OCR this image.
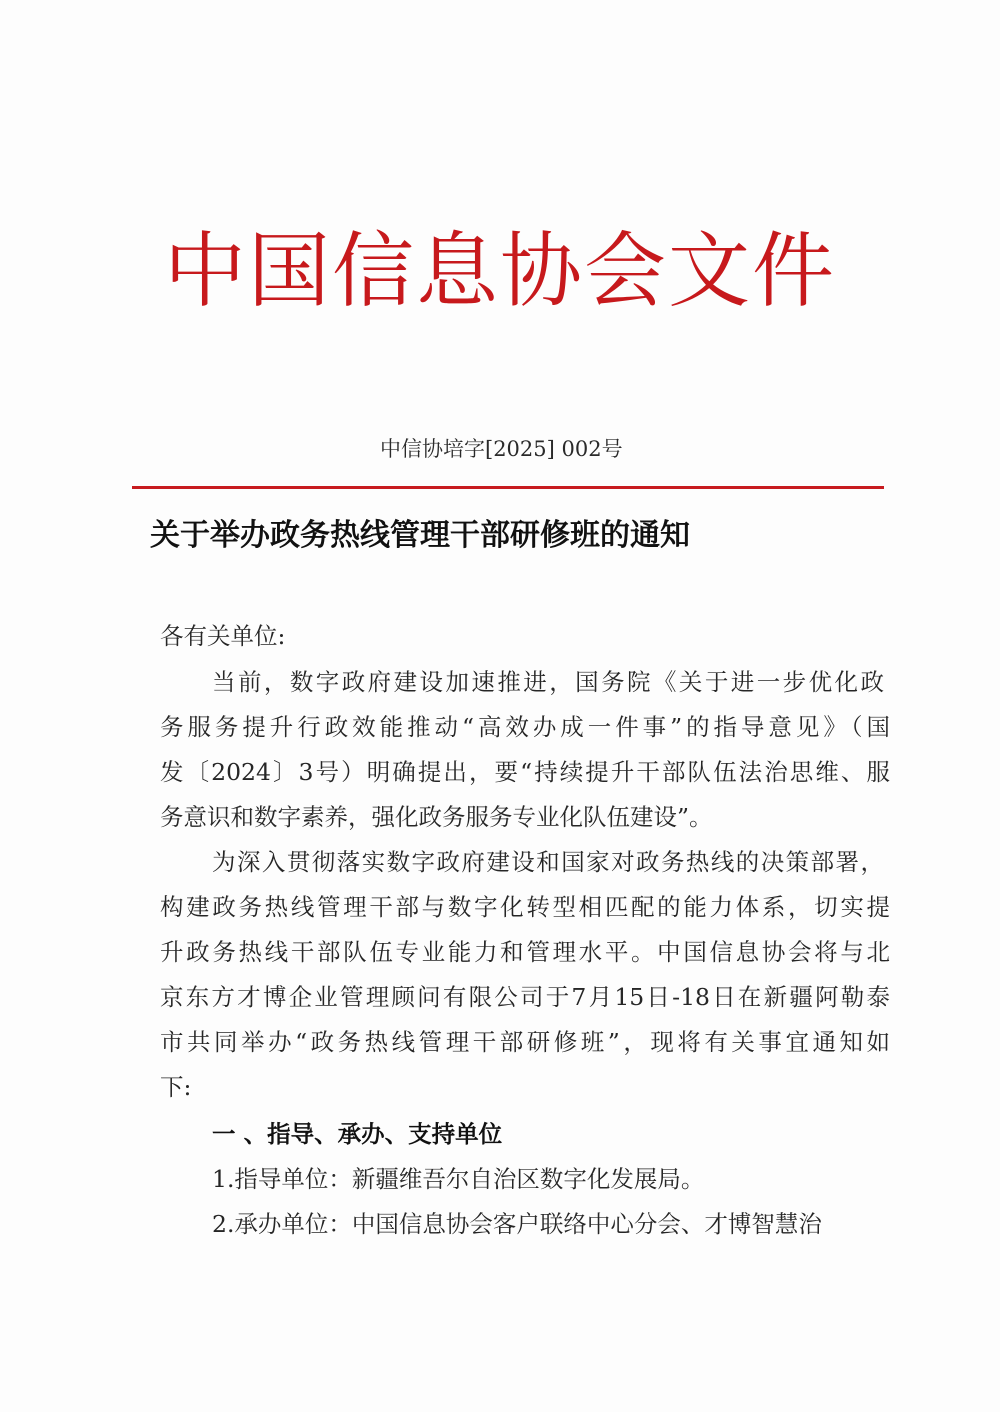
中国信息协会文件
中信协培字[2025] 002号
关于举办政务热线管理干部研修班的通知
各有关单位:
当前，数字政府建设加速推进，国务院《关于进一步优化政
务服务提升行政效能推动“高效办成一件事”的指导意见》（国
发〔2024〕3号）明确提出，要“持续提升干部队伍法治思维、服
务意识和数字素养，强化政务服务专业化队伍建设”。
为深入贯彻落实数字政府建设和国家对政务热线的决策部署，
构建政务热线管理干部与数字化转型相匹配的能力体系，切实提
升政务热线干部队伍专业能力和管理水平。中国信息协会将与北
京东方才博企业管理顾问有限公司于7月15日-18日在新疆阿勒泰
市共同举办“政务热线管理干部研修班”，现将有关事宜通知如
下:
一 、指导、承办、支持单位
1.指导单位：新疆维吾尔自治区数字化发展局。
2.承办单位：中国信息协会客户联络中心分会、才博智慧治
